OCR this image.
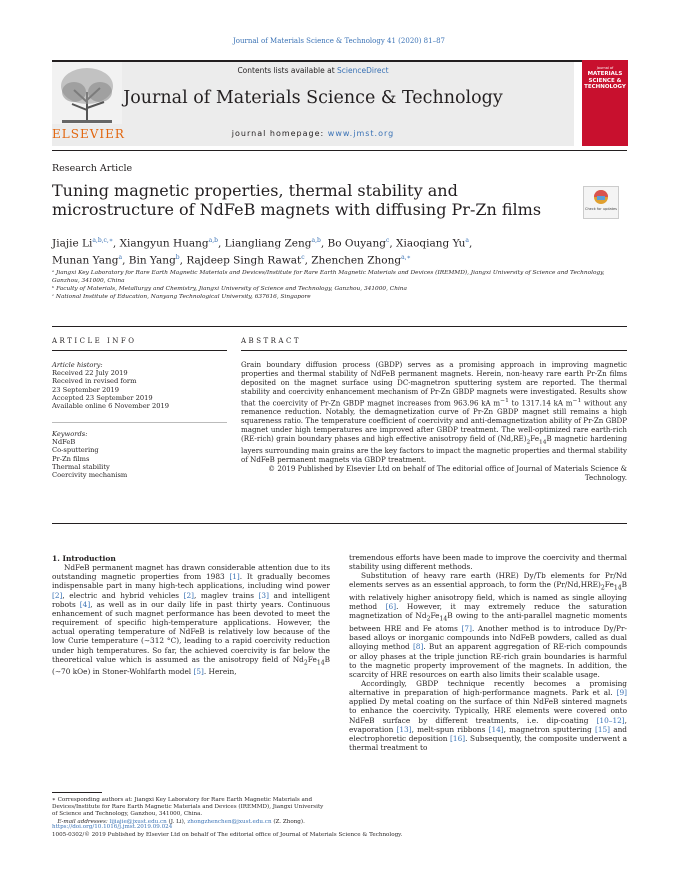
Journal of Materials Science & Technology 41 (2020) 81–87
ELSEVIER
Contents lists available at ScienceDirect
Journal of Materials Science & Technology
journal homepage: www.jmst.org
Journal of
MATERIALS SCIENCE & TECHNOLOGY
Research Article
Tuning magnetic properties, thermal stability and microstructure of NdFeB magnets with diffusing Pr-Zn films	Check for updates
Jiajie $Li^{a,b,c,∗}$, Xiangyun Huang$^{a,b}$, Liangliang Zeng$^{a,b}$, Bo Ouyang$^c$, Xiaoqiang Yu$^a$,
Munan Yang$^a$, Bin Yang$^b$, Rajdeep Singh Rawat$^c$, Zhenchen Zhong$^{a,∗}$
ᵃ Jiangxi Key Laboratory for Rare Earth Magnetic Materials and Devices/Institute for Rare Earth Magnetic Materials and Devices (IREMMD), Jiangxi University of Science and Technology, Ganzhou, 341000, China
ᵇ Faculty of Materials, Metallurgy and Chemistry, Jiangxi University of Science and Technology, Ganzhou, 341000, China
ᶜ National Institute of Education, Nanyang Technological University, 637616, Singapore
ARTICLE INFO	ABSTRACT
Article history:
Received 22 July 2019
Received in revised form
23 September 2019
Accepted 23 September 2019
Available online 6 November 2019
Keywords:
NdFeB
Co-sputtering
Pr-Zn films
Thermal stability
Coercivity mechanism
Grain boundary diffusion process (GBDP) serves as a promising approach in improving magnetic properties and thermal stability of NdFeB permanent magnets. Herein, non-heavy rare earth Pr-Zn films deposited on the magnet surface using DC-magnetron sputtering system are reported. The thermal stability and coercivity enhancement mechanism of Pr-Zn GBDP magnets were investigated. Results show that the coercivity of Pr-Zn GBDP magnet increases from 963.96 kA $m^{-1}$ to 1317.14 kA $m^{-1}$ without any remanence reduction. Notably, the demagnetization curve of Pr-Zn GBDP magnet still remains a high squareness ratio. The temperature coefficient of coercivity and anti-demagnetization ability of Pr-Zn GBDP magnet under high temperatures are improved after GBDP treatment. The well-optimized rare earth-rich (RE-rich) grain boundary phases and high effective anisotropy field of $(Nd,RE)_2Fe_{14}B$ magnetic hardening layers surrounding main grains are the key factors to impact the magnetic properties and thermal stability of NdFeB permanent magnets via GBDP treatment.
© 2019 Published by Elsevier Ltd on behalf of The editorial office of Journal of Materials Science & Technology.

1. Introduction

NdFeB permanent magnet has drawn considerable attention due to its outstanding magnetic properties from 1983 [1]. It gradually becomes indispensable part in many high-tech applications, including wind power [2], electric and hybrid vehicles [2], maglev trains [3] and intelligent robots [4], as well as in our daily life in past thirty years. Continuous enhancement of such magnet performance has been devoted to meet the requirement of specific high-temperature applications. However, the actual operating temperature of NdFeB is relatively low because of the low Curie temperature (∼312 °C), leading to a rapid coercivity reduction under high temperatures. So far, the achieved coercivity is far below the theoretical value which is assumed as the anisotropy field of $Nd_2Fe_{14}B$ (∼70 kOe) in Stoner-Wohlfarth model [5]. Herein,

tremendous efforts have been made to improve the coercivity and thermal stability using different methods.

Substitution of heavy rare earth (HRE) Dy/Tb elements for Pr/Nd elements serves as an essential approach, to form the $(Pr/Nd,HRE)_2Fe_{14}B$ with relatively higher anisotropy field, which is named as single alloying method [6]. However, it may extremely reduce the saturation magnetization of $Nd_2Fe_{14}B$ owing to the anti-parallel magnetic moments between HRE and Fe atoms [7]. Another method is to introduce Dy/Pr-based alloys or inorganic compounds into NdFeB powders, called as dual alloying method [8]. But an apparent aggregation of RE-rich compounds or alloy phases at the triple junction RE-rich grain boundaries is harmful to the magnetic property improvement of the magnets. In addition, the scarcity of HRE resources on earth also limits their scalable usage.

Accordingly, GBDP technique recently becomes a promising alternative in preparation of high-performance magnets. Park et al. [9] applied Dy metal coating on the surface of thin NdFeB sintered magnets to enhance the coercivity. Typically, HRE elements were covered onto NdFeB surface by different treatments, i.e. dip-coating [10–12], evaporation [13], melt-spun ribbons [14], magnetron sputtering [15] and electrophoretic deposition [16]. Subsequently, the composite underwent a thermal treatment to

∗ Corresponding authors at: Jiangxi Key Laboratory for Rare Earth Magnetic Materials and Devices/Institute for Rare Earth Magnetic Materials and Devices (IREMMD), Jiangxi University of Science and Technology, Ganzhou, 341000, China.
E-mail addresses: lijiajie@jxust.edu.cn (J. Li), zhongzhenchen@jxust.edu.cn (Z. Zhong).
https://doi.org/10.1016/j.jmst.2019.09.024
1005-0302/© 2019 Published by Elsevier Ltd on behalf of The editorial office of Journal of Materials Science & Technology.
